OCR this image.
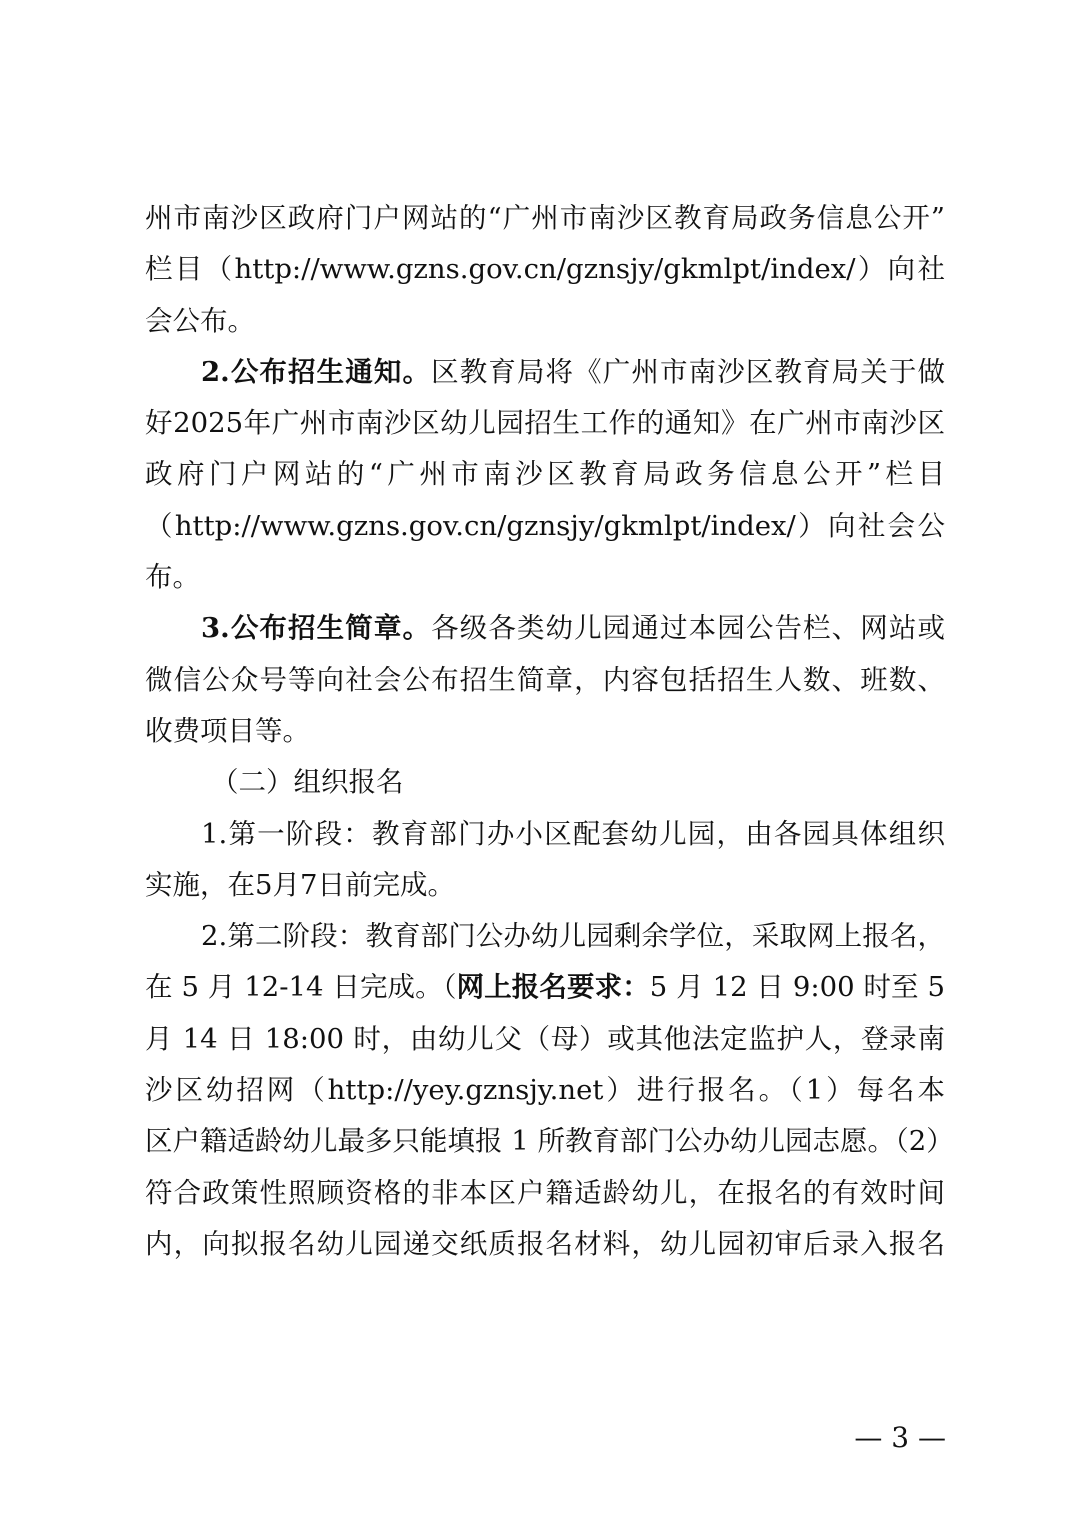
州市南沙区政府门户网站的“广州市南沙区教育局政务信息公开”
栏目（http://www.gzns.gov.cn/gznsjy/gkmlpt/index/）向社
会公布。
2.公布招生通知。区教育局将《广州市南沙区教育局关于做
好2025年广州市南沙区幼儿园招生工作的通知》在广州市南沙区
政府门户网站的“广州市南沙区教育局政务信息公开”栏目
（http://www.gzns.gov.cn/gznsjy/gkmlpt/index/）向社会公
布。
3.公布招生简章。各级各类幼儿园通过本园公告栏、网站或
微信公众号等向社会公布招生简章，内容包括招生人数、班数、
收费项目等。
（二）组织报名
1.第一阶段：教育部门办小区配套幼儿园，由各园具体组织
实施，在5月7日前完成。
2.第二阶段：教育部门公办幼儿园剩余学位，采取网上报名，
在 5 月 12-14 日完成。（网上报名要求：5 月 12 日 9:00 时至 5
月 14 日 18:00 时，由幼儿父（母）或其他法定监护人，登录南
沙区幼招网（http://yey.gznsjy.net）进行报名。（1）每名本
区户籍适龄幼儿最多只能填报 1 所教育部门公办幼儿园志愿。（2）
符合政策性照顾资格的非本区户籍适龄幼儿，在报名的有效时间
内，向拟报名幼儿园递交纸质报名材料，幼儿园初审后录入报名
— 3 —
